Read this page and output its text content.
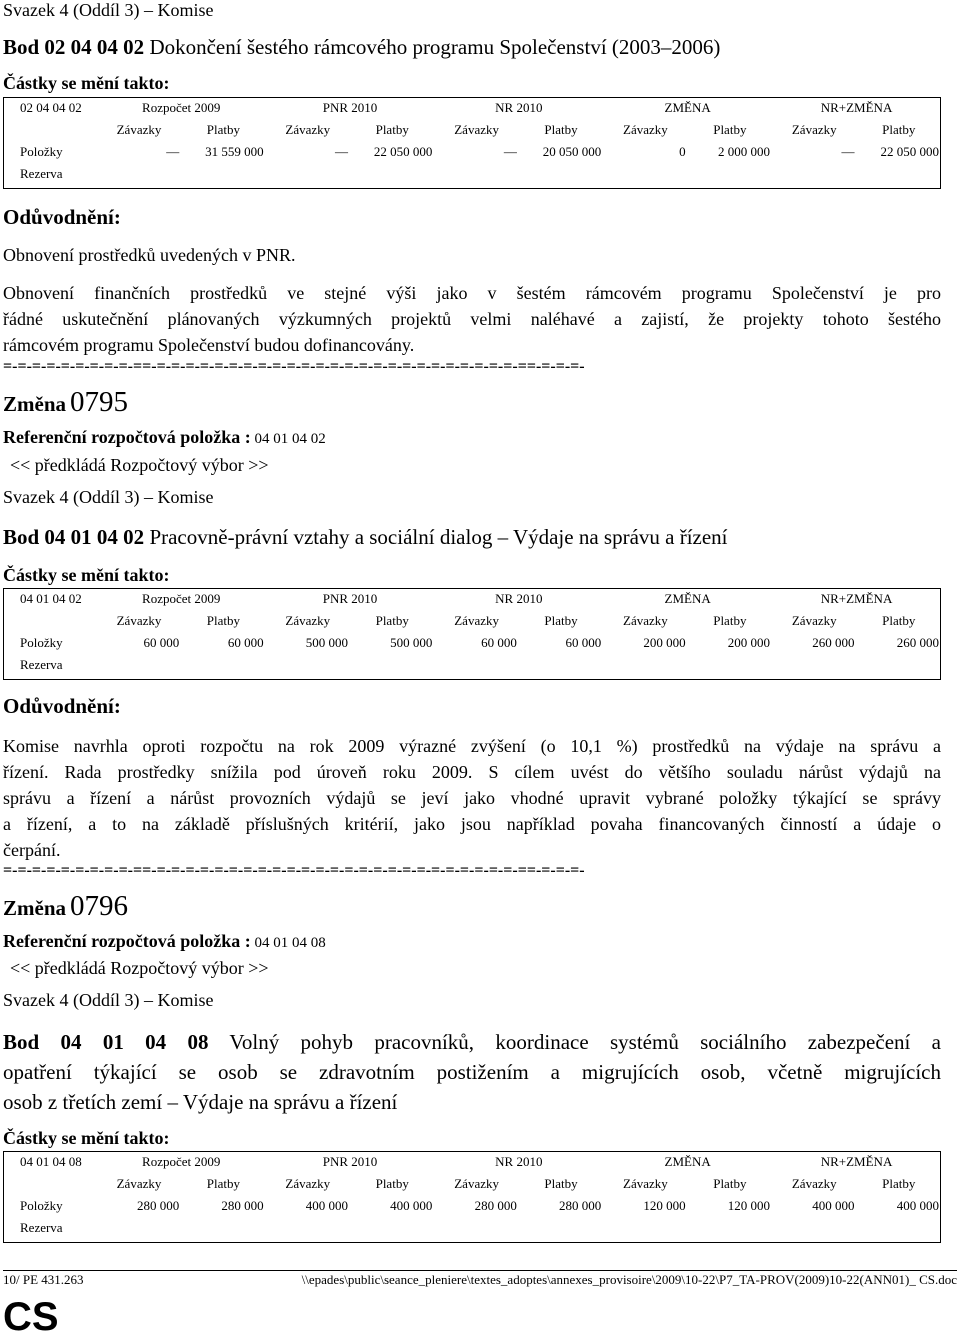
Svazek 4 (Oddíl 3) – Komise
Bod 02 04 04 02 Dokončení šestého rámcového programu Společenství (2003–2006)
Částky se mění takto:
02 04 04 02	Rozpočet 2009		PNR 2010		NR 2010		ZMĚNA		NR+ZMĚNA	
	Závazky	Platby	Závazky	Platby	Závazky	Platby	Závazky	Platby	Závazky	Platby
Položky	—	31 559 000	—	22 050 000	—	20 050 000	0	2 000 000	—	22 050 000
Rezerva										
Odůvodnění:
Obnovení prostředků uvedených v PNR.
Obnovení finančních prostředků ve stejné výši jako v šestém rámcovém programu Společenství je pro
řádné uskutečnění plánovaných výzkumných projektů velmi naléhavé a zajistí, že projekty tohoto šestého
rámcovém programu Společenství budou dofinancovány.
=-=-=-=-=-=-=-=-=-==-=-=-=-=-=-=-=-=-=-=-=-=-=-=-=-=-=-=-=-=-=-=-=-=-=-==-=-=-=-
Změna 0795
Referenční rozpočtová položka : 04 01 04 02
<< předkládá Rozpočtový výbor >>
Svazek 4 (Oddíl 3) – Komise
Bod 04 01 04 02 Pracovně-právní vztahy a sociální dialog – Výdaje na správu a řízení
Částky se mění takto:
04 01 04 02	Rozpočet 2009		PNR 2010		NR 2010		ZMĚNA		NR+ZMĚNA	
	Závazky	Platby	Závazky	Platby	Závazky	Platby	Závazky	Platby	Závazky	Platby
Položky	60 000	60 000	500 000	500 000	60 000	60 000	200 000	200 000	260 000	260 000
Rezerva										
Odůvodnění:
Komise navrhla oproti rozpočtu na rok 2009 výrazné zvýšení (o 10,1 %) prostředků na výdaje na správu a
řízení. Rada prostředky snížila pod úroveň roku 2009. S cílem uvést do většího souladu nárůst výdajů na
správu a řízení a nárůst provozních výdajů se jeví jako vhodné upravit vybrané položky týkající se správy
a řízení, a to na základě příslušných kritérií, jako jsou například povaha financovaných činností a údaje o
čerpání.
=-=-=-=-=-=-=-=-=-==-=-=-=-=-=-=-=-=-=-=-=-=-=-=-=-=-=-=-=-=-=-=-=-=-=-==-=-=-=-
Změna 0796
Referenční rozpočtová položka : 04 01 04 08
<< předkládá Rozpočtový výbor >>
Svazek 4 (Oddíl 3) – Komise
Bod 04 01 04 08 Volný pohyb pracovníků, koordinace systémů sociálního zabezpečení a
opatření týkající se osob se zdravotním postižením a migrujících osob, včetně migrujících
osob z třetích zemí – Výdaje na správu a řízení
Částky se mění takto:
04 01 04 08	Rozpočet 2009		PNR 2010		NR 2010		ZMĚNA		NR+ZMĚNA	
	Závazky	Platby	Závazky	Platby	Závazky	Platby	Závazky	Platby	Závazky	Platby
Položky	280 000	280 000	400 000	400 000	280 000	280 000	120 000	120 000	400 000	400 000
Rezerva										
10/ PE 431.263	\\epades\public\seance_pleniere\textes_adoptes\annexes_provisoire\2009\10-22\P7_TA-PROV(2009)10-22(ANN01)_ CS.doc
CS
